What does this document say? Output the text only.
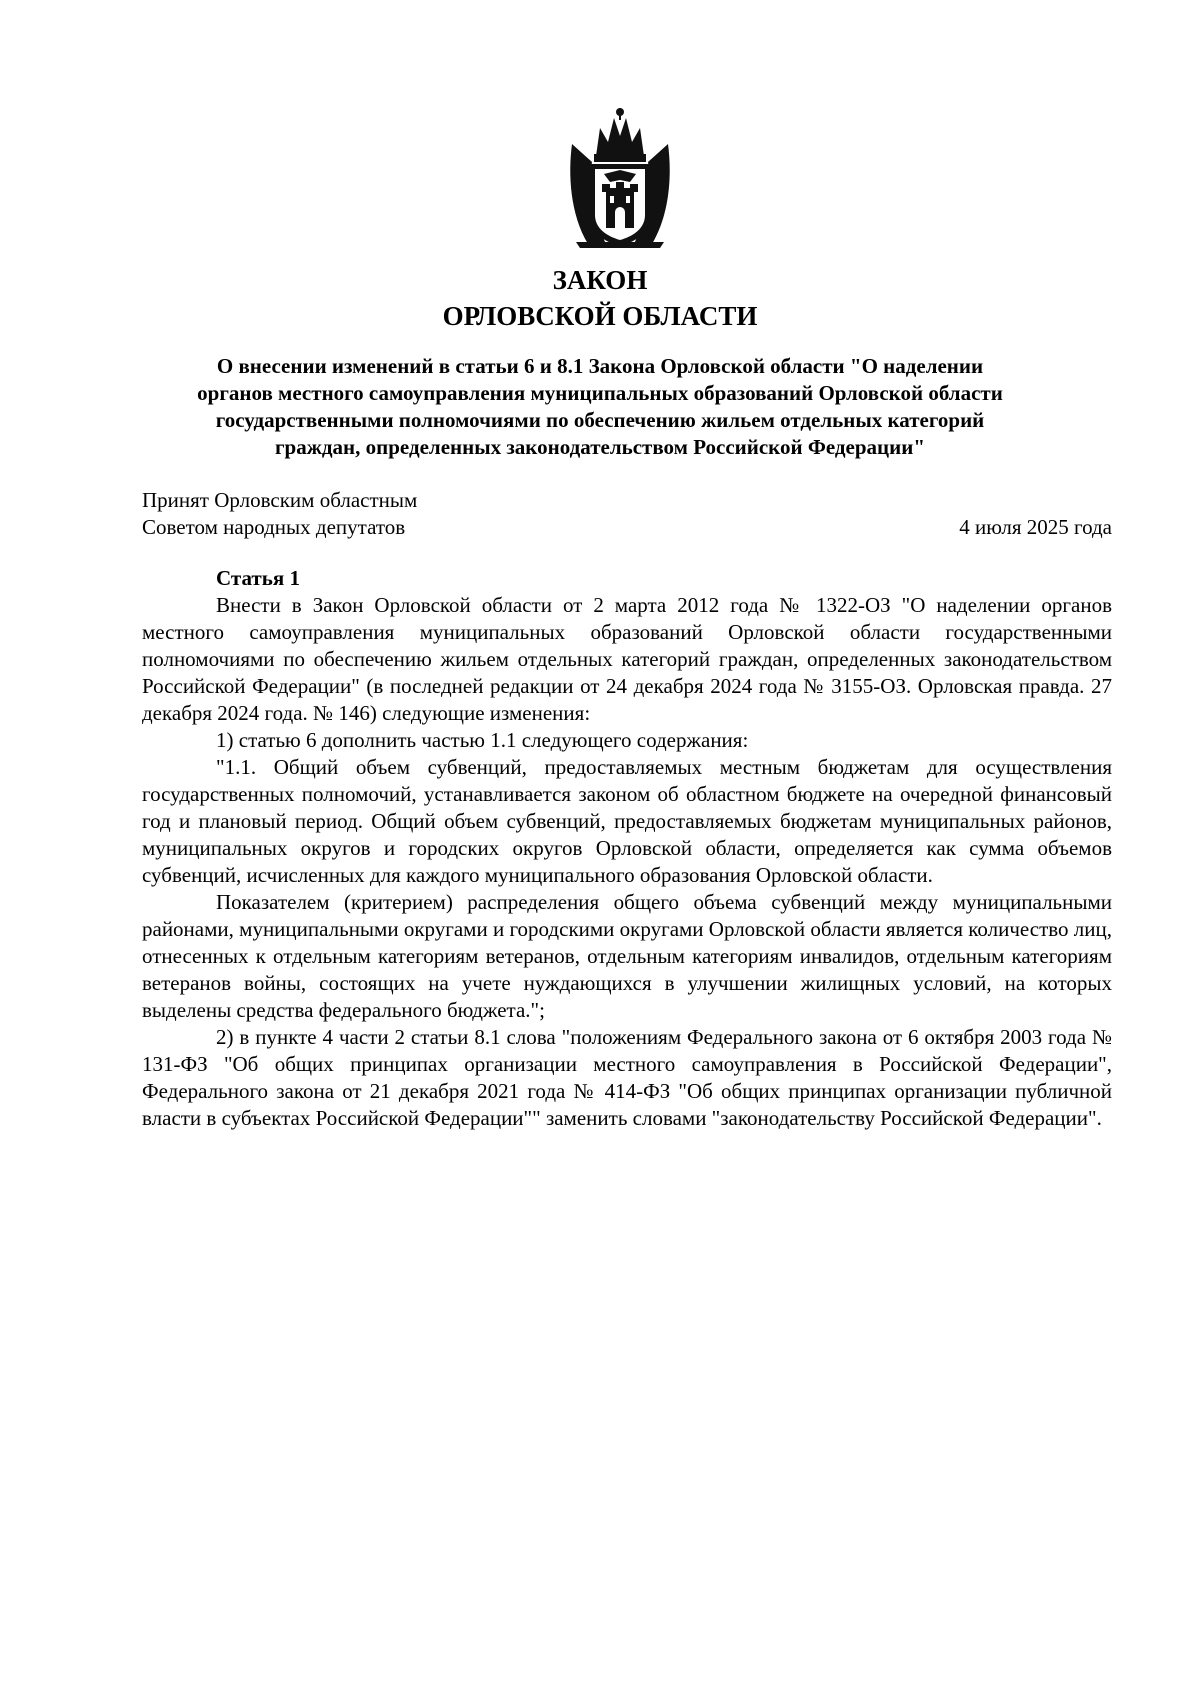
ЗАКОН
ОРЛОВСКОЙ ОБЛАСТИ
О внесении изменений в статьи 6 и 8.1 Закона Орловской области "О наделении
органов местного самоуправления муниципальных образований Орловской области
государственными полномочиями по обеспечению жильем отдельных категорий
граждан, определенных законодательством Российской Федерации"
Принят Орловским областным
Советом народных депутатов	4 июля 2025 года
Статья 1

Внести в Закон Орловской области от 2 марта 2012 года № 1322-ОЗ "О наделении органов местного самоуправления муниципальных образований Орловской области государственными полномочиями по обеспечению жильем отдельных категорий граждан, определенных законодательством Российской Федерации" (в последней редакции от 24 декабря 2024 года № 3155-ОЗ. Орловская правда. 27 декабря 2024 года. № 146) следующие изменения:

1) статью 6 дополнить частью 1.1 следующего содержания:

"1.1. Общий объем субвенций, предоставляемых местным бюджетам для осуществления государственных полномочий, устанавливается законом об областном бюджете на очередной финансовый год и плановый период. Общий объем субвенций, предоставляемых бюджетам муниципальных районов, муниципальных округов и городских округов Орловской области, определяется как сумма объемов субвенций, исчисленных для каждого муниципального образования Орловской области.

Показателем (критерием) распределения общего объема субвенций между муниципальными районами, муниципальными округами и городскими округами Орловской области является количество лиц, отнесенных к отдельным категориям ветеранов, отдельным категориям инвалидов, отдельным категориям ветеранов войны, состоящих на учете нуждающихся в улучшении жилищных условий, на которых выделены средства федерального бюджета.";

2) в пункте 4 части 2 статьи 8.1 слова "положениям Федерального закона от 6 октября 2003 года № 131-ФЗ "Об общих принципах организации местного самоуправления в Российской Федерации", Федерального закона от 21 декабря 2021 года № 414-ФЗ "Об общих принципах организации публичной власти в субъектах Российской Федерации"" заменить словами "законодательству Российской Федерации".
